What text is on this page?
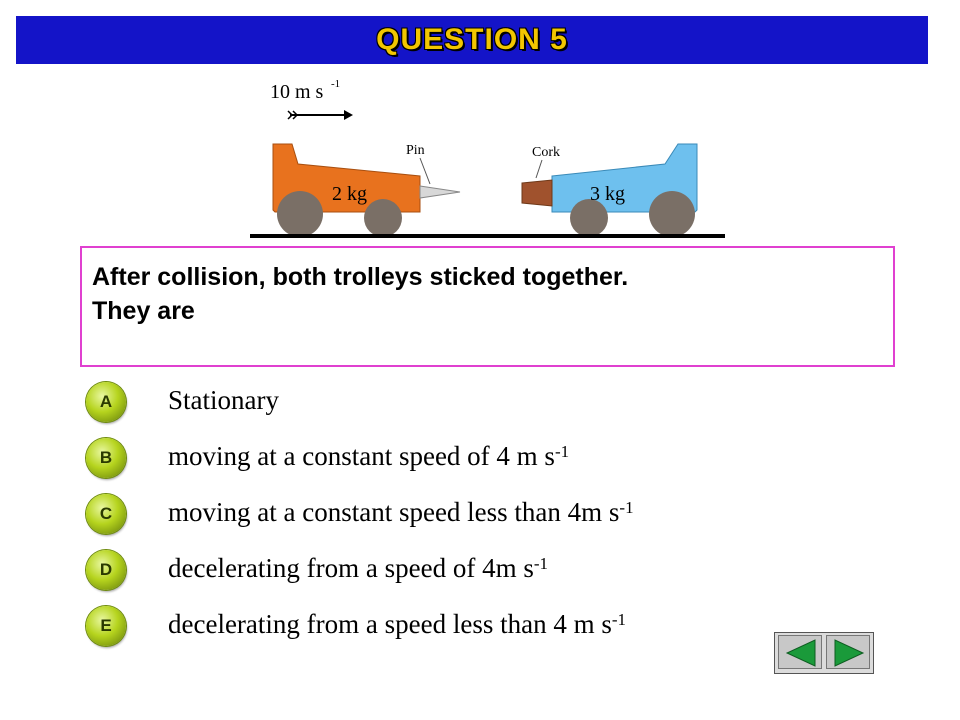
QUESTION 5
10 m s -1
2 kg
Pin
3 kg
Cork
After collision, both trolleys sticked together.
They are
A	Stationary
B	moving at a constant speed of 4 m $s^{-1}$
C	moving at a constant speed less than 4m $s^{-1}$
D	decelerating from a speed of 4m $s^{-1}$
E	decelerating from a speed less than 4 m $s^{-1}$
